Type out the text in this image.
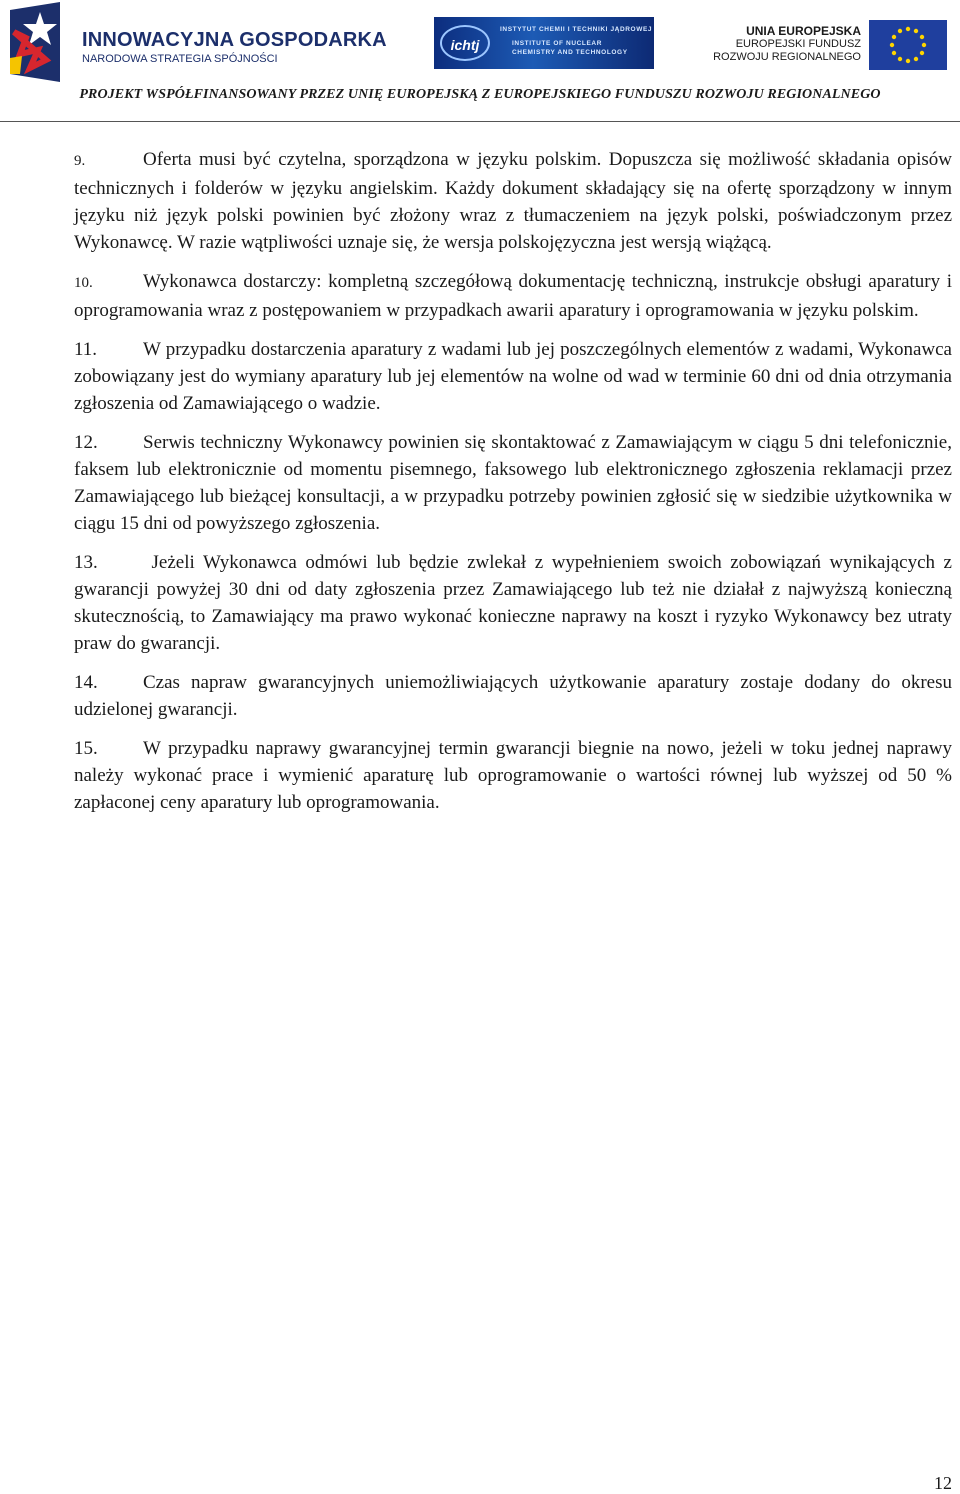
INNOWACYJNA GOSPODARKA
NARODOWA STRATEGIA SPÓJNOŚCI
ichtj
INSTYTUT CHEMII I TECHNIKI JĄDROWEJ
INSTITUTE OF NUCLEAR
CHEMISTRY AND TECHNOLOGY
UNIA EUROPEJSKA
EUROPEJSKI FUNDUSZ
ROZWOJU REGIONALNEGO
PROJEKT WSPÓŁFINANSOWANY PRZEZ UNIĘ EUROPEJSKĄ Z EUROPEJSKIEGO FUNDUSZU ROZWOJU REGIONALNEGO

9.	Oferta musi być czytelna, sporządzona w języku polskim. Dopuszcza się możliwość składania opisów technicznych i folderów w języku angielskim. Każdy dokument składający się na ofertę sporządzony w innym języku niż język polski powinien być złożony wraz z tłumaczeniem na język polski, poświadczonym przez Wykonawcę. W razie wątpliwości uznaje się, że wersja polskojęzyczna jest wersją wiążącą.

10.	Wykonawca dostarczy: kompletną szczegółową dokumentację techniczną, instrukcje obsługi aparatury i oprogramowania wraz z postępowaniem w przypadkach awarii aparatury i oprogramowania w języku polskim.

11. W przypadku dostarczenia aparatury z wadami lub jej poszczególnych elementów z wadami, Wykonawca zobowiązany jest do wymiany aparatury lub jej elementów na wolne od wad w terminie 60 dni od dnia otrzymania zgłoszenia od Zamawiającego o wadzie.

12. Serwis techniczny Wykonawcy powinien się skontaktować z Zamawiającym w ciągu 5 dni telefonicznie, faksem lub elektronicznie od momentu pisemnego, faksowego lub elektronicznego zgłoszenia reklamacji przez Zamawiającego lub bieżącej konsultacji, a w przypadku potrzeby powinien zgłosić się w siedzibie użytkownika w ciągu 15 dni od powyższego zgłoszenia.

13. Jeżeli Wykonawca odmówi lub będzie zwlekał z wypełnieniem swoich zobowiązań wynikających z gwarancji powyżej 30 dni od daty zgłoszenia przez Zamawiającego lub też nie działał z najwyższą konieczną skutecznością, to Zamawiający ma prawo wykonać konieczne naprawy na koszt i ryzyko Wykonawcy bez utraty praw do gwarancji.

14. Czas napraw gwarancyjnych uniemożliwiających użytkowanie aparatury zostaje dodany do okresu udzielonej gwarancji.

15. W przypadku naprawy gwarancyjnej termin gwarancji biegnie na nowo, jeżeli w toku jednej naprawy należy wykonać prace i wymienić aparaturę lub oprogramowanie o wartości równej lub wyższej od 50 % zapłaconej ceny aparatury lub oprogramowania.

12
